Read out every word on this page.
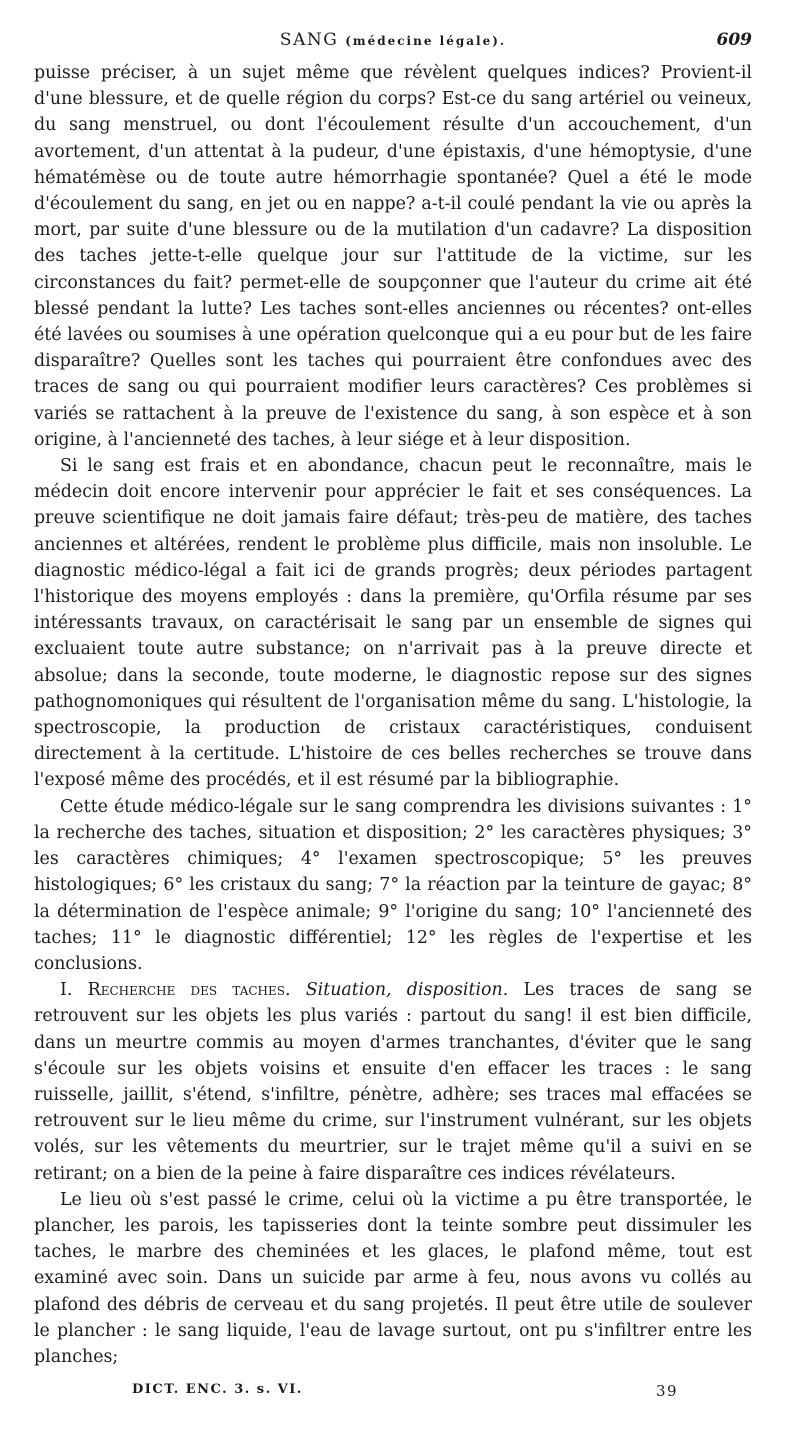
SANG (médecine légale).	609

puisse préciser, à un sujet même que révèlent quelques indices? Provient-il d'une blessure, et de quelle région du corps? Est-ce du sang artériel ou veineux, du sang menstruel, ou dont l'écoulement résulte d'un accouchement, d'un avortement, d'un attentat à la pudeur, d'une épistaxis, d'une hémoptysie, d'une hématémèse ou de toute autre hémorrhagie spontanée? Quel a été le mode d'écoulement du sang, en jet ou en nappe? a-t-il coulé pendant la vie ou après la mort, par suite d'une blessure ou de la mutilation d'un cadavre? La disposition des taches jette-t-elle quelque jour sur l'attitude de la victime, sur les circonstances du fait? permet-elle de soupçonner que l'auteur du crime ait été blessé pendant la lutte? Les taches sont-elles anciennes ou récentes? ont-elles été lavées ou soumises à une opération quelconque qui a eu pour but de les faire disparaître? Quelles sont les taches qui pourraient être confondues avec des traces de sang ou qui pourraient modifier leurs caractères? Ces problèmes si variés se rattachent à la preuve de l'existence du sang, à son espèce et à son origine, à l'ancienneté des taches, à leur siége et à leur disposition.

Si le sang est frais et en abondance, chacun peut le reconnaître, mais le médecin doit encore intervenir pour apprécier le fait et ses conséquences. La preuve scientifique ne doit jamais faire défaut; très-peu de matière, des taches anciennes et altérées, rendent le problème plus difficile, mais non insoluble. Le diagnostic médico-légal a fait ici de grands progrès; deux périodes partagent l'historique des moyens employés : dans la première, qu'Orfila résume par ses intéressants travaux, on caractérisait le sang par un ensemble de signes qui excluaient toute autre substance; on n'arrivait pas à la preuve directe et absolue; dans la seconde, toute moderne, le diagnostic repose sur des signes pathognomoniques qui résultent de l'organisation même du sang. L'histologie, la spectroscopie, la production de cristaux caractéristiques, conduisent directement à la certitude. L'histoire de ces belles recherches se trouve dans l'exposé même des procédés, et il est résumé par la bibliographie.

Cette étude médico-légale sur le sang comprendra les divisions suivantes : 1° la recherche des taches, situation et disposition; 2° les caractères physiques; 3° les caractères chimiques; 4° l'examen spectroscopique; 5° les preuves histologiques; 6° les cristaux du sang; 7° la réaction par la teinture de gayac; 8° la détermination de l'espèce animale; 9° l'origine du sang; 10° l'ancienneté des taches; 11° le diagnostic différentiel; 12° les règles de l'expertise et les conclusions.

I. Recherche des taches. Situation, disposition. Les traces de sang se retrouvent sur les objets les plus variés : partout du sang! il est bien difficile, dans un meurtre commis au moyen d'armes tranchantes, d'éviter que le sang s'écoule sur les objets voisins et ensuite d'en effacer les traces : le sang ruisselle, jaillit, s'étend, s'infiltre, pénètre, adhère; ses traces mal effacées se retrouvent sur le lieu même du crime, sur l'instrument vulnérant, sur les objets volés, sur les vêtements du meurtrier, sur le trajet même qu'il a suivi en se retirant; on a bien de la peine à faire disparaître ces indices révélateurs.

Le lieu où s'est passé le crime, celui où la victime a pu être transportée, le plancher, les parois, les tapisseries dont la teinte sombre peut dissimuler les taches, le marbre des cheminées et les glaces, le plafond même, tout est examiné avec soin. Dans un suicide par arme à feu, nous avons vu collés au plafond des débris de cerveau et du sang projetés. Il peut être utile de soulever le plancher : le sang liquide, l'eau de lavage surtout, ont pu s'infiltrer entre les planches;

DICT. ENC. 3. s. VI.	39
